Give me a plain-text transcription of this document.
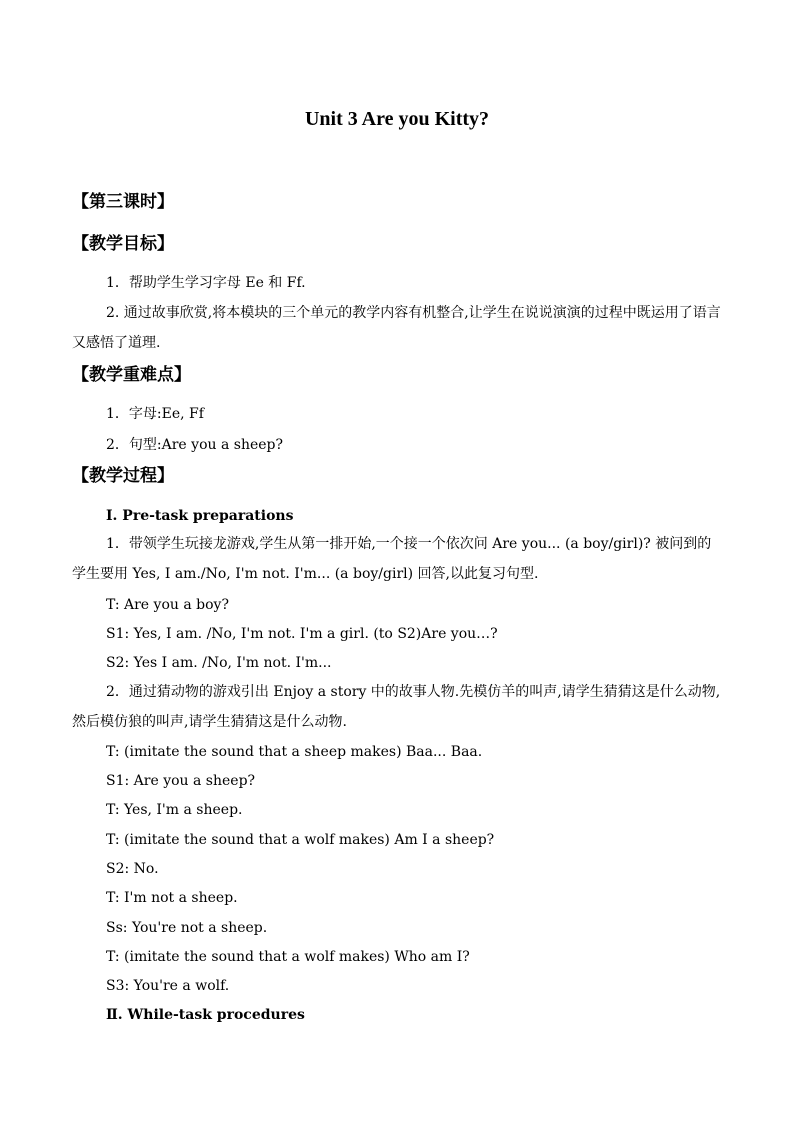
Unit 3 Are you Kitty?
【第三课时】
【教学目标】
1．帮助学生学习字母 Ee 和 Ff.
2. 通过故事欣赏,将本模块的三个单元的教学内容有机整合,让学生在说说演演的过程中既运用了语言又感悟了道理.
【教学重难点】
1．字母:Ee, Ff
2．句型:Are you a sheep?
【教学过程】
Ⅰ. Pre-task preparations
1．带领学生玩接龙游戏,学生从第一排开始,一个接一个依次问 Are you... (a boy/girl)? 被问到的学生要用 Yes, I am./No, I'm not. I'm... (a boy/girl) 回答,以此复习句型.
T: Are you a boy?
S1: Yes, I am. /No, I'm not. I'm a girl. (to S2)Are you…?
S2: Yes I am. /No, I'm not. I'm...
2．通过猜动物的游戏引出 Enjoy a story 中的故事人物.先模仿羊的叫声,请学生猜猜这是什么动物,然后模仿狼的叫声,请学生猜猜这是什么动物.
T: (imitate the sound that a sheep makes) Baa... Baa.
S1: Are you a sheep?
T: Yes, I'm a sheep.
T: (imitate the sound that a wolf makes) Am I a sheep?
S2: No.
T: I'm not a sheep.
Ss: You're not a sheep.
T: (imitate the sound that a wolf makes) Who am I?
S3: You're a wolf.
Ⅱ. While-task procedures
